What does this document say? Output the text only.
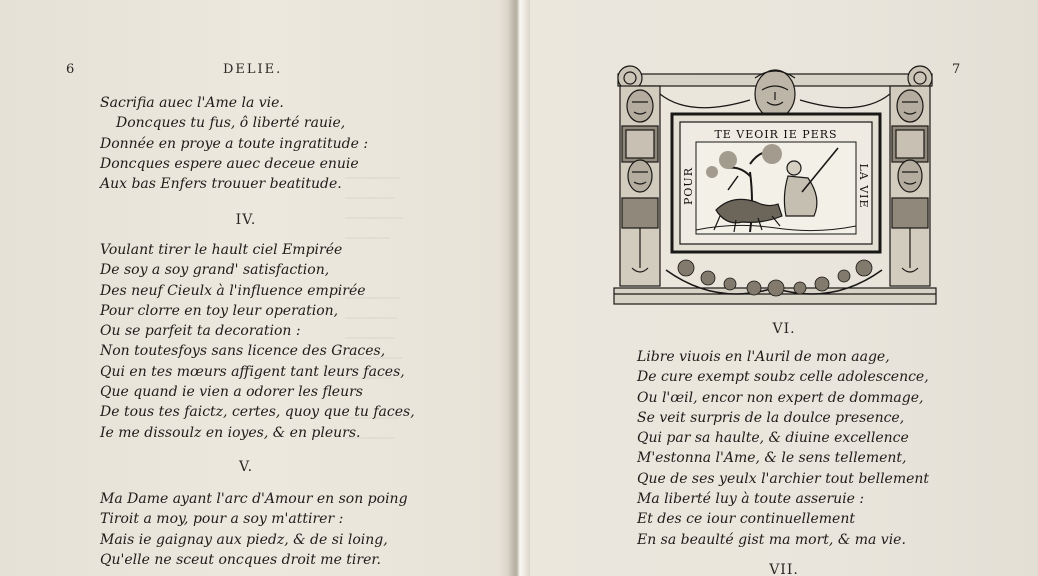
6	DELIE.
Sacrifia auec l'Ame la vie.
Doncques tu fus, ô liberté rauie,
Donnée en proye a toute ingratitude :
Doncques espere auec deceue enuie
Aux bas Enfers trouuer beatitude.
IV.
Voulant tirer le hault ciel Empirée
De soy a soy grand' satisfaction,
Des neuf Cieulx à l'influence empirée
Pour clorre en toy leur operation,
Ou se parfeit ta decoration :
Non toutesfoys sans licence des Graces,
Qui en tes mœurs affigent tant leurs faces,
Que quand ie vien a odorer les fleurs
De tous tes faictz, certes, quoy que tu faces,
Ie me dissoulz en ioyes, & en pleurs.
V.
Ma Dame ayant l'arc d'Amour en son poing
Tiroit a moy, pour a soy m'attirer :
Mais ie gaignay aux piedz, & de si loing,
Qu'elle ne sceut oncques droit me tirer.
7
VI.
Libre viuois en l'Auril de mon aage,
De cure exempt soubz celle adolescence,
Ou l'œil, encor non expert de dommage,
Se veit surpris de la doulce presence,
Qui par sa haulte, & diuine excellence
M'estonna l'Ame, & le sens tellement,
Que de ses yeulx l'archier tout bellement
Ma liberté luy à toute asseruie :
Et des ce iour continuellement
En sa beaulté gist ma mort, & ma vie.
VII.
TE VEOIR IE PERS
POUR	LA VIE
